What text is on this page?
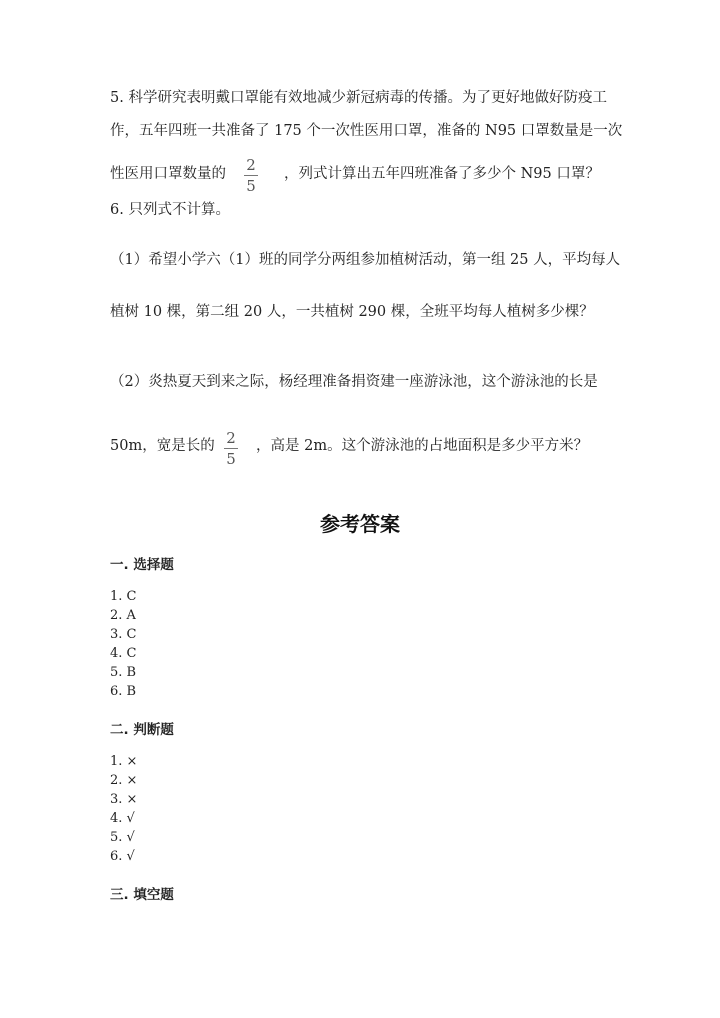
5. 科学研究表明戴口罩能有效地减少新冠病毒的传播。为了更好地做好防疫工
作，五年四班一共准备了 175 个一次性医用口罩，准备的 N95 口罩数量是一次
性医用口罩数量的 2
5
，列式计算出五年四班准备了多少个 N95 口罩？
6. 只列式不计算。
（1）希望小学六（1）班的同学分两组参加植树活动，第一组 25 人，平均每人
植树 10 棵，第二组 20 人，一共植树 290 棵，全班平均每人植树多少棵？
（2）炎热夏天到来之际，杨经理准备捐资建一座游泳池，这个游泳池的长是
50m，宽是长的 2
5
，高是 2m。这个游泳池的占地面积是多少平方米？
参考答案
一. 选择题
1. C
2. A
3. C
4. C
5. B
6. B
二. 判断题
1. ×
2. ×
3. ×
4. √
5. √
6. √
三. 填空题
